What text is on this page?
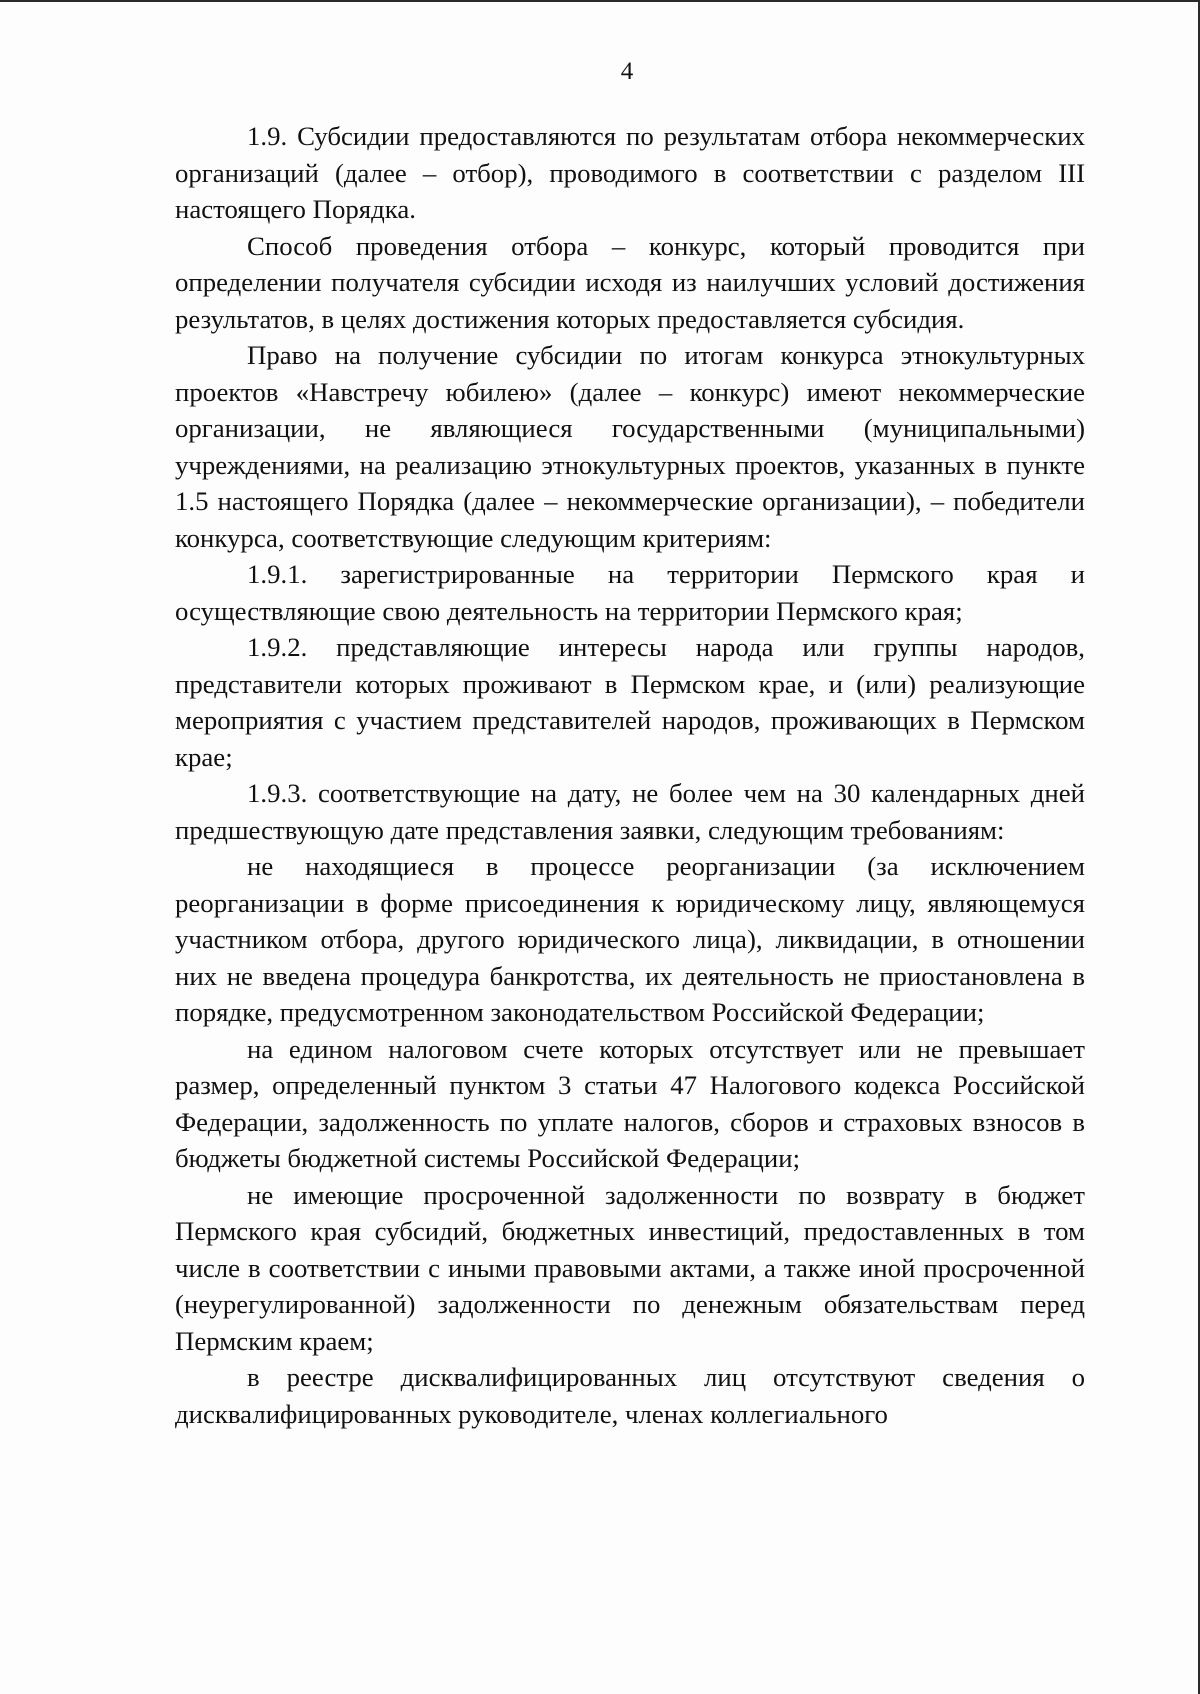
4

1.9. Субсидии предоставляются по результатам отбора некоммерческих организаций (далее – отбор), проводимого в соответствии с разделом III настоящего Порядка.

Способ проведения отбора – конкурс, который проводится при определении получателя субсидии исходя из наилучших условий достижения результатов, в целях достижения которых предоставляется субсидия.

Право на получение субсидии по итогам конкурса этнокультурных проектов «Навстречу юбилею» (далее – конкурс) имеют некоммерческие организации, не являющиеся государственными (муниципальными) учреждениями, на реализацию этнокультурных проектов, указанных в пункте 1.5 настоящего Порядка (далее – некоммерческие организации), – победители конкурса, соответствующие следующим критериям:

1.9.1. зарегистрированные на территории Пермского края и осуществляющие свою деятельность на территории Пермского края;

1.9.2. представляющие интересы народа или группы народов, представители которых проживают в Пермском крае, и (или) реализующие мероприятия с участием представителей народов, проживающих в Пермском крае;

1.9.3. соответствующие на дату, не более чем на 30 календарных дней предшествующую дате представления заявки, следующим требованиям:

не находящиеся в процессе реорганизации (за исключением реорганизации в форме присоединения к юридическому лицу, являющемуся участником отбора, другого юридического лица), ликвидации, в отношении них не введена процедура банкротства, их деятельность не приостановлена в порядке, предусмотренном законодательством Российской Федерации;

на едином налоговом счете которых отсутствует или не превышает размер, определенный пунктом 3 статьи 47 Налогового кодекса Российской Федерации, задолженность по уплате налогов, сборов и страховых взносов в бюджеты бюджетной системы Российской Федерации;

не имеющие просроченной задолженности по возврату в бюджет Пермского края субсидий, бюджетных инвестиций, предоставленных в том числе в соответствии с иными правовыми актами, а также иной просроченной (неурегулированной) задолженности по денежным обязательствам перед Пермским краем;

в реестре дисквалифицированных лиц отсутствуют сведения о дисквалифицированных руководителе, членах коллегиального
